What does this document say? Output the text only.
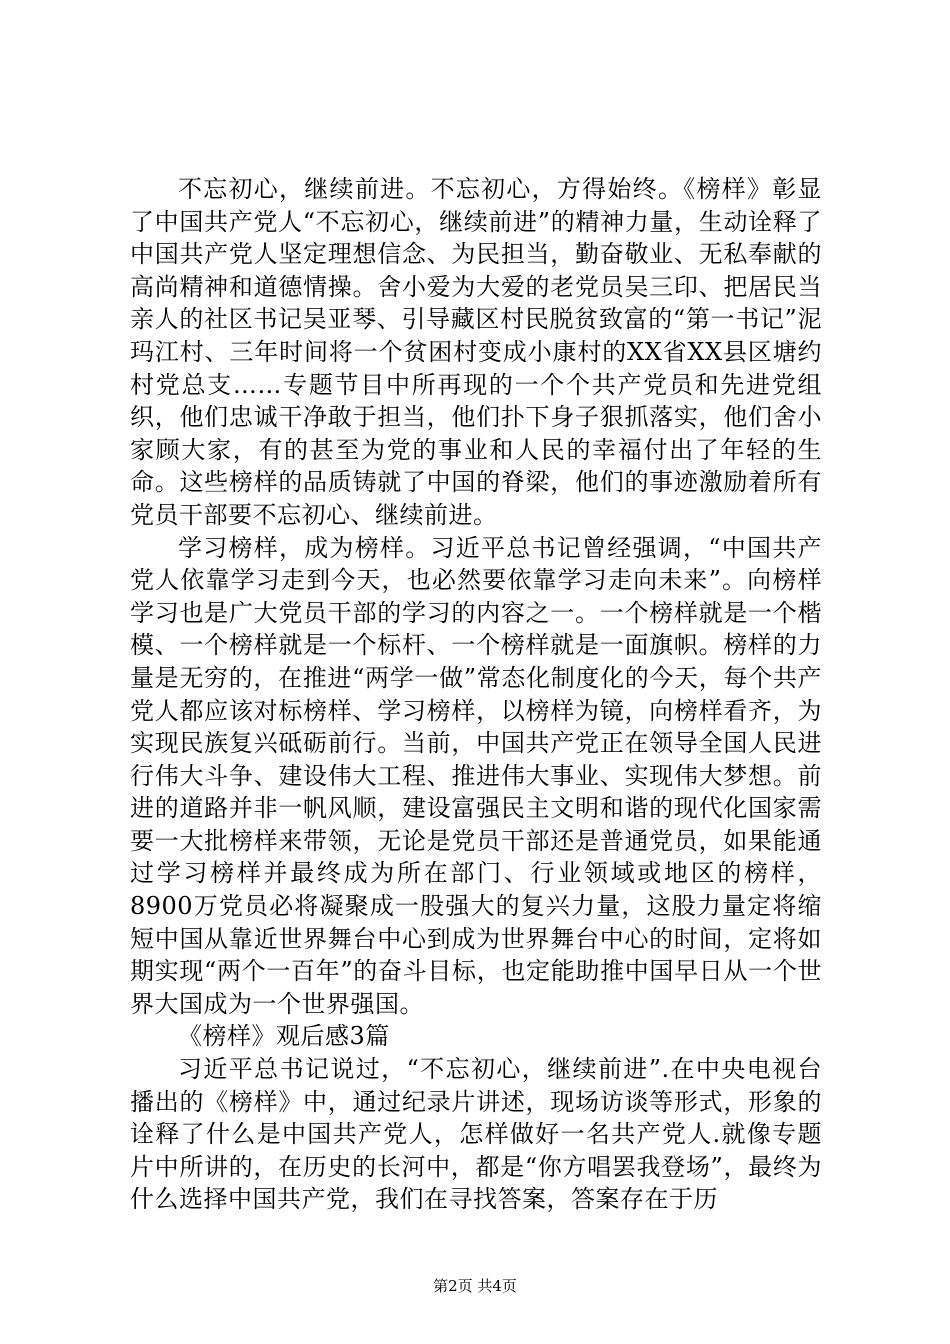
不忘初心，继续前进。不忘初心，方得始终。《榜样》彰显了中国共产党人“不忘初心，继续前进”的精神力量，生动诠释了中国共产党人坚定理想信念、为民担当，勤奋敬业、无私奉献的高尚精神和道德情操。舍小爱为大爱的老党员吴三印、把居民当亲人的社区书记吴亚琴、引导藏区村民脱贫致富的“第一书记”泥玛江村、三年时间将一个贫困村变成小康村的XX省XX县区塘约村党总支……专题节目中所再现的一个个共产党员和先进党组织，他们忠诚干净敢于担当，他们扑下身子狠抓落实，他们舍小家顾大家，有的甚至为党的事业和人民的幸福付出了年轻的生命。这些榜样的品质铸就了中国的脊梁，他们的事迹激励着所有党员干部要不忘初心、继续前进。

学习榜样，成为榜样。习近平总书记曾经强调，“中国共产党人依靠学习走到今天，也必然要依靠学习走向未来”。向榜样学习也是广大党员干部的学习的内容之一。一个榜样就是一个楷模、一个榜样就是一个标杆、一个榜样就是一面旗帜。榜样的力量是无穷的，在推进“两学一做”常态化制度化的今天，每个共产党人都应该对标榜样、学习榜样，以榜样为镜，向榜样看齐，为实现民族复兴砥砺前行。当前，中国共产党正在领导全国人民进行伟大斗争、建设伟大工程、推进伟大事业、实现伟大梦想。前进的道路并非一帆风顺，建设富强民主文明和谐的现代化国家需要一大批榜样来带领，无论是党员干部还是普通党员，如果能通过学习榜样并最终成为所在部门、行业领域或地区的榜样，8900万党员必将凝聚成一股强大的复兴力量，这股力量定将缩短中国从靠近世界舞台中心到成为世界舞台中心的时间，定将如期实现“两个一百年”的奋斗目标，也定能助推中国早日从一个世界大国成为一个世界强国。

《榜样》观后感3篇

习近平总书记说过，“不忘初心，继续前进”.在中央电视台播出的《榜样》中，通过纪录片讲述，现场访谈等形式，形象的诠释了什么是中国共产党人，怎样做好一名共产党人.就像专题片中所讲的，在历史的长河中，都是“你方唱罢我登场”，最终为什么选择中国共产党，我们在寻找答案，答案存在于历

第2页 共4页
